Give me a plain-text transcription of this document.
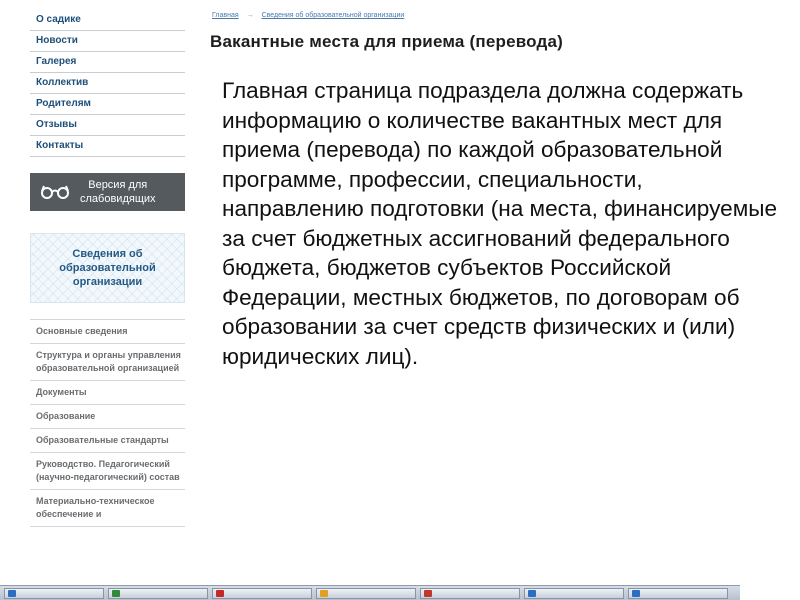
О садике
Новости
Галерея
Коллектив
Родителям
Отзывы
Контакты
Версия для
слабовидящих
Сведения об
образовательной
организации
Основные сведения
Структура и органы управления образовательной организацией
Документы
Образование
Образовательные стандарты
Руководство. Педагогический (научно-педагогический) состав
Материально-техническое обеспечение и
Главная → Сведения об образовательной организации
Вакантные места для приема (перевода)

Главная страница подраздела должна содержать информацию о количестве вакантных мест для приема (перевода) по каждой образовательной программе, профессии, специальности, направлению подготовки (на места, финансируемые за счет бюджетных ассигнований федерального бюджета, бюджетов субъектов Российской Федерации, местных бюджетов, по договорам об образовании за счет средств физических и (или) юридических лиц).
